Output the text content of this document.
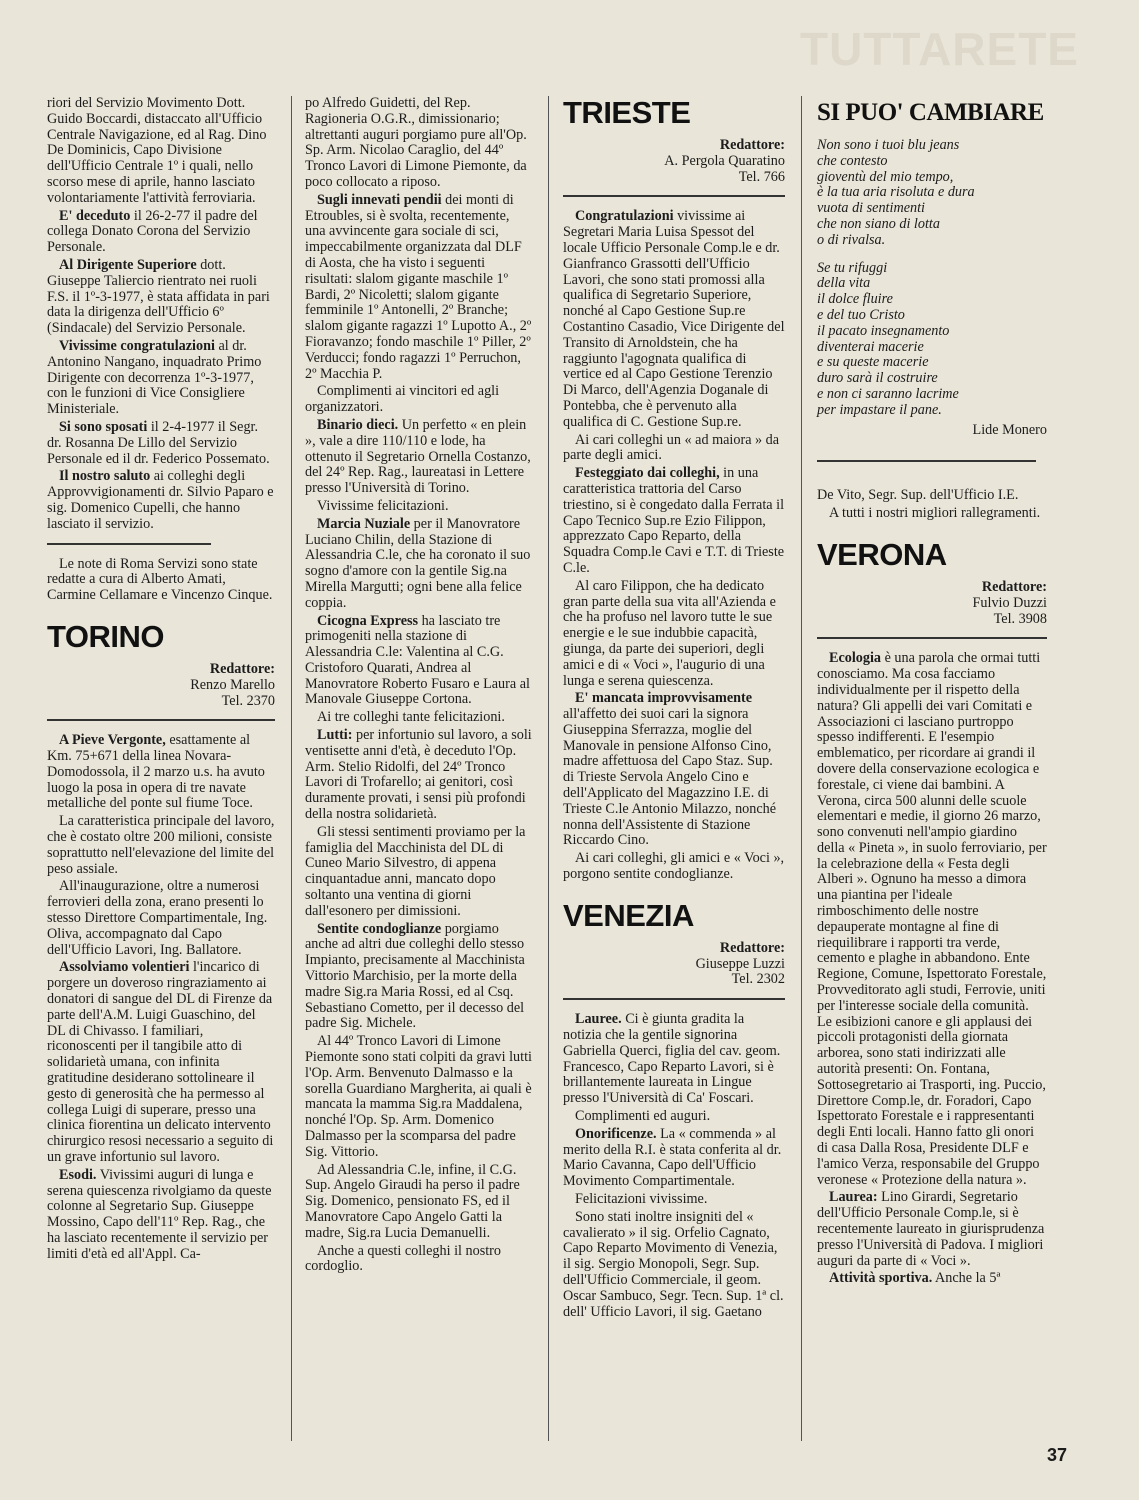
TUTTARETE

riori del Servizio Movimento Dott. Guido Boccardi, distaccato all'Ufficio Centrale Navigazione, ed al Rag. Dino De Dominicis, Capo Divisione dell'Ufficio Centrale 1º i quali, nello scorso mese di aprile, hanno lasciato volontariamente l'attività ferroviaria.

E' deceduto il 26-2-77 il padre del collega Donato Corona del Servizio Personale.

Al Dirigente Superiore dott. Giuseppe Taliercio rientrato nei ruoli F.S. il 1º-3-1977, è stata affidata in pari data la dirigenza dell'Ufficio 6º (Sindacale) del Servizio Personale.

Vivissime congratulazioni al dr. Antonino Nangano, inquadrato Primo Dirigente con decorrenza 1º-3-1977, con le funzioni di Vice Consigliere Ministeriale.

Si sono sposati il 2-4-1977 il Segr. dr. Rosanna De Lillo del Servizio Personale ed il dr. Federico Possemato.

Il nostro saluto ai colleghi degli Approvvigionamenti dr. Silvio Paparo e sig. Domenico Cupelli, che hanno lasciato il servizio.

Le note di Roma Servizi sono state redatte a cura di Alberto Amati, Carmine Cellamare e Vincenzo Cinque.

TORINO
Redattore:
Renzo Marello
Tel. 2370

A Pieve Vergonte, esattamente al Km. 75+671 della linea Novara-Domodossola, il 2 marzo u.s. ha avuto luogo la posa in opera di tre navate metalliche del ponte sul fiume Toce.

La caratteristica principale del lavoro, che è costato oltre 200 milioni, consiste soprattutto nell'elevazione del limite del peso assiale.

All'inaugurazione, oltre a numerosi ferrovieri della zona, erano presenti lo stesso Direttore Compartimentale, Ing. Oliva, accompagnato dal Capo dell'Ufficio Lavori, Ing. Ballatore.

Assolviamo volentieri l'incarico di porgere un doveroso ringraziamento ai donatori di sangue del DL di Firenze da parte dell'A.M. Luigi Guaschino, del DL di Chivasso. I familiari, riconoscenti per il tangibile atto di solidarietà umana, con infinita gratitudine desiderano sottolineare il gesto di generosità che ha permesso al collega Luigi di superare, presso una clinica fiorentina un delicato intervento chirurgico resosi necessario a seguito di un grave infortunio sul lavoro.

Esodi. Vivissimi auguri di lunga e serena quiescenza rivolgiamo da queste colonne al Segretario Sup. Giuseppe Mossino, Capo dell'11º Rep. Rag., che ha lasciato recentemente il servizio per limiti d'età ed all'Appl. Ca-

po Alfredo Guidetti, del Rep. Ragioneria O.G.R., dimissionario; altrettanti auguri porgiamo pure all'Op. Sp. Arm. Nicolao Caraglio, del 44º Tronco Lavori di Limone Piemonte, da poco collocato a riposo.

Sugli innevati pendii dei monti di Etroubles, si è svolta, recentemente, una avvincente gara sociale di sci, impeccabilmente organizzata dal DLF di Aosta, che ha visto i seguenti risultati: slalom gigante maschile 1º Bardi, 2º Nicoletti; slalom gigante femminile 1º Antonelli, 2º Branche; slalom gigante ragazzi 1º Lupotto A., 2º Fioravanzo; fondo maschile 1º Piller, 2º Verducci; fondo ragazzi 1º Perruchon, 2º Macchia P.

Complimenti ai vincitori ed agli organizzatori.

Binario dieci. Un perfetto « en plein », vale a dire 110/110 e lode, ha ottenuto il Segretario Ornella Costanzo, del 24º Rep. Rag., laureatasi in Lettere presso l'Università di Torino.

Vivissime felicitazioni.

Marcia Nuziale per il Manovratore Luciano Chilin, della Stazione di Alessandria C.le, che ha coronato il suo sogno d'amore con la gentile Sig.na Mirella Margutti; ogni bene alla felice coppia.

Cicogna Express ha lasciato tre primogeniti nella stazione di Alessandria C.le: Valentina al C.G. Cristoforo Quarati, Andrea al Manovratore Roberto Fusaro e Laura al Manovale Giuseppe Cortona.

Ai tre colleghi tante felicitazioni.

Lutti: per infortunio sul lavoro, a soli ventisette anni d'età, è deceduto l'Op. Arm. Stelio Ridolfi, del 24º Tronco Lavori di Trofarello; ai genitori, così duramente provati, i sensi più profondi della nostra solidarietà.

Gli stessi sentimenti proviamo per la famiglia del Macchinista del DL di Cuneo Mario Silvestro, di appena cinquantadue anni, mancato dopo soltanto una ventina di giorni dall'esonero per dimissioni.

Sentite condoglianze porgiamo anche ad altri due colleghi dello stesso Impianto, precisamente al Macchinista Vittorio Marchisio, per la morte della madre Sig.ra Maria Rossi, ed al Csq. Sebastiano Cometto, per il decesso del padre Sig. Michele.

Al 44º Tronco Lavori di Limone Piemonte sono stati colpiti da gravi lutti l'Op. Arm. Benvenuto Dalmasso e la sorella Guardiano Margherita, ai quali è mancata la mamma Sig.ra Maddalena, nonché l'Op. Sp. Arm. Domenico Dalmasso per la scomparsa del padre Sig. Vittorio.

Ad Alessandria C.le, infine, il C.G. Sup. Angelo Giraudi ha perso il padre Sig. Domenico, pensionato FS, ed il Manovratore Capo Angelo Gatti la madre, Sig.ra Lucia Demanuelli.

Anche a questi colleghi il nostro cordoglio.

TRIESTE
Redattore:
A. Pergola Quaratino
Tel. 766

Congratulazioni vivissime ai Segretari Maria Luisa Spessot del locale Ufficio Personale Comp.le e dr. Gianfranco Grassotti dell'Ufficio Lavori, che sono stati promossi alla qualifica di Segretario Superiore, nonché al Capo Gestione Sup.re Costantino Casadio, Vice Dirigente del Transito di Arnoldstein, che ha raggiunto l'agognata qualifica di vertice ed al Capo Gestione Terenzio Di Marco, dell'Agenzia Doganale di Pontebba, che è pervenuto alla qualifica di C. Gestione Sup.re.

Ai cari colleghi un « ad maiora » da parte degli amici.

Festeggiato dai colleghi, in una caratteristica trattoria del Carso triestino, si è congedato dalla Ferrata il Capo Tecnico Sup.re Ezio Filippon, apprezzato Capo Reparto, della Squadra Comp.le Cavi e T.T. di Trieste C.le.

Al caro Filippon, che ha dedicato gran parte della sua vita all'Azienda e che ha profuso nel lavoro tutte le sue energie e le sue indubbie capacità, giunga, da parte dei superiori, degli amici e di « Voci », l'augurio di una lunga e serena quiescenza.

E' mancata improvvisamente all'affetto dei suoi cari la signora Giuseppina Sferrazza, moglie del Manovale in pensione Alfonso Cino, madre affettuosa del Capo Staz. Sup. di Trieste Servola Angelo Cino e dell'Applicato del Magazzino I.E. di Trieste C.le Antonio Milazzo, nonché nonna dell'Assistente di Stazione Riccardo Cino.

Ai cari colleghi, gli amici e « Voci », porgono sentite condoglianze.

VENEZIA
Redattore:
Giuseppe Luzzi
Tel. 2302

Lauree. Ci è giunta gradita la notizia che la gentile signorina Gabriella Querci, figlia del cav. geom. Francesco, Capo Reparto Lavori, si è brillantemente laureata in Lingue presso l'Università di Ca' Foscari.

Complimenti ed auguri.

Onorificenze. La « commenda » al merito della R.I. è stata conferita al dr. Mario Cavanna, Capo dell'Ufficio Movimento Compartimentale.

Felicitazioni vivissime.

Sono stati inoltre insigniti del « cavalierato » il sig. Orfelio Cagnato, Capo Reparto Movimento di Venezia, il sig. Sergio Monopoli, Segr. Sup. dell'Ufficio Commerciale, il geom. Oscar Sambuco, Segr. Tecn. Sup. 1ª cl. dell' Ufficio Lavori, il sig. Gaetano

SI PUO' CAMBIARE
Non sono i tuoi blu jeans
che contesto
gioventù del mio tempo,
è la tua aria risoluta e dura
vuota di sentimenti
che non siano di lotta
o di rivalsa.
Se tu rifuggi
della vita
il dolce fluire
e del tuo Cristo
il pacato insegnamento
diventerai macerie
e su queste macerie
duro sarà il costruire
e non ci saranno lacrime
per impastare il pane.
Lide Monero

De Vito, Segr. Sup. dell'Ufficio I.E.

A tutti i nostri migliori rallegramenti.

VERONA
Redattore:
Fulvio Duzzi
Tel. 3908

Ecologia è una parola che ormai tutti conosciamo. Ma cosa facciamo individualmente per il rispetto della natura? Gli appelli dei vari Comitati e Associazioni ci lasciano purtroppo spesso indifferenti. E l'esempio emblematico, per ricordare ai grandi il dovere della conservazione ecologica e forestale, ci viene dai bambini. A Verona, circa 500 alunni delle scuole elementari e medie, il giorno 26 marzo, sono convenuti nell'ampio giardino della « Pineta », in suolo ferroviario, per la celebrazione della « Festa degli Alberi ». Ognuno ha messo a dimora una piantina per l'ideale rimboschimento delle nostre depauperate montagne al fine di riequilibrare i rapporti tra verde, cemento e plaghe in abbandono. Ente Regione, Comune, Ispettorato Forestale, Provveditorato agli studi, Ferrovie, uniti per l'interesse sociale della comunità. Le esibizioni canore e gli applausi dei piccoli protagonisti della giornata arborea, sono stati indirizzati alle autorità presenti: On. Fontana, Sottosegretario ai Trasporti, ing. Puccio, Direttore Comp.le, dr. Foradori, Capo Ispettorato Forestale e i rappresentanti degli Enti locali. Hanno fatto gli onori di casa Dalla Rosa, Presidente DLF e l'amico Verza, responsabile del Gruppo veronese « Protezione della natura ».

Laurea: Lino Girardi, Segretario dell'Ufficio Personale Comp.le, si è recentemente laureato in giurisprudenza presso l'Università di Padova. I migliori auguri da parte di « Voci ».

Attività sportiva. Anche la 5ª

37
